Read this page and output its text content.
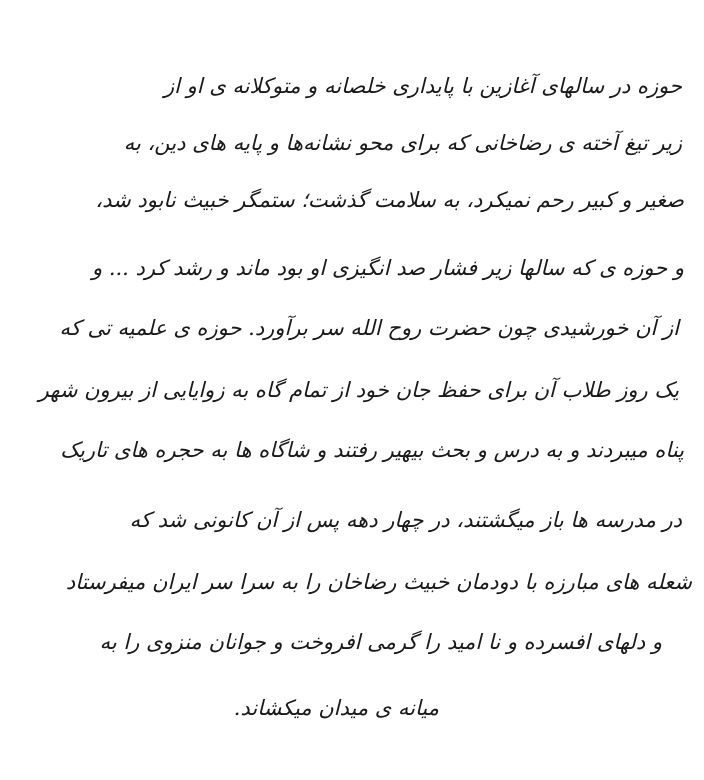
حوزه در سالهای آغازین با پایداری خلصانه و متوکلانه ی او از
زیر تیغ آخته ی رضاخانی که برای محو نشانه‌ها و پایه های دین، به
صغیر و کبیر رحم نمیکرد، به سلامت گذشت؛ ستمگر خبیث نابود شد،
و حوزه ی که سالها زیر فشار صد انگیزی او بود ماند و رشد کرد ... و
از آن خورشیدی چون حضرت روح الله سر برآورد. حوزه ی علمیه تی که
یک روز طلاب آن برای حفظ جان خود از تمام گاه به زوایایی از بیرون شهر
پناه میبردند و به درس و بحث بیهیر رفتند و شاگاه ها به حجره های تاریک
در مدرسه ها باز میگشتند، در چهار دهه پس از آن کانونی شد که
شعله های مبارزه با دودمان خبیث رضاخان را به سرا سر ایران میفرستاد
و دلهای افسرده و نا امید را گرمی افروخت و جوانان منزوی را به
میانه ی میدان میکشاند.
